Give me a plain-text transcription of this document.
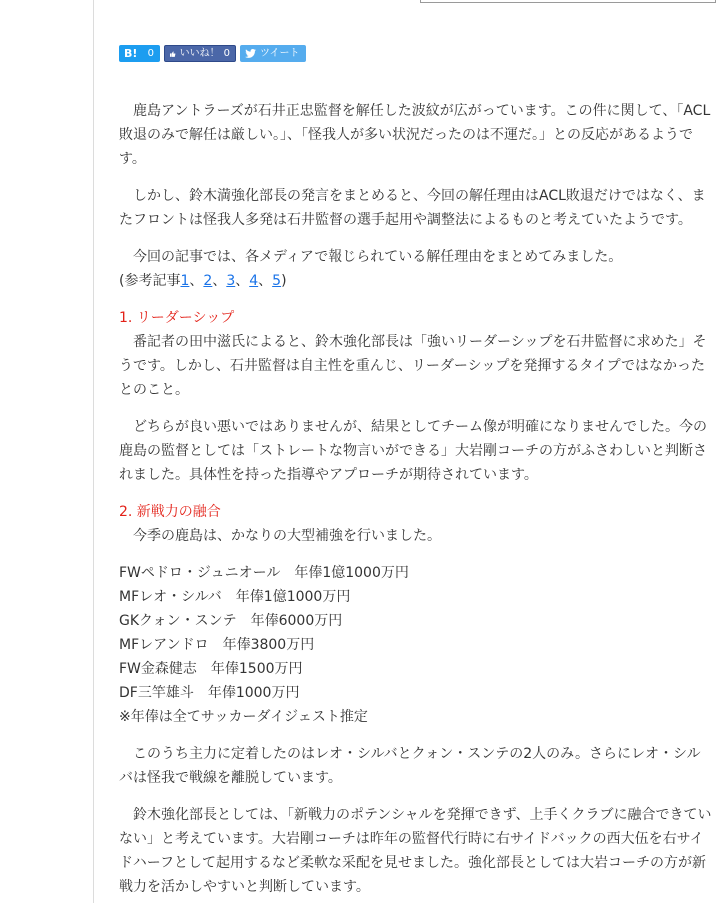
B! 0	いいね！ 0	ツイート

鹿島アントラーズが石井正忠監督を解任した波紋が広がっています。この件に関して、「ACL敗退のみで解任は厳しい。」、「怪我人が多い状況だったのは不運だ。」との反応があるようです。

しかし、鈴木満強化部長の発言をまとめると、今回の解任理由はACL敗退だけではなく、またフロントは怪我人多発は石井監督の選手起用や調整法によるものと考えていたようです。

今回の記事では、各メディアで報じられている解任理由をまとめてみました。

(参考記事1、2、3、4、5)

1. リーダーシップ

番記者の田中滋氏によると、鈴木強化部長は「強いリーダーシップを石井監督に求めた」そうです。しかし、石井監督は自主性を重んじ、リーダーシップを発揮するタイプではなかったとのこと。

どちらが良い悪いではありませんが、結果としてチーム像が明確になりませんでした。今の鹿島の監督としては「ストレートな物言いができる」大岩剛コーチの方がふさわしいと判断されました。具体性を持った指導やアプローチが期待されています。

2. 新戦力の融合

今季の鹿島は、かなりの大型補強を行いました。

FWペドロ・ジュニオール　年俸1億1000万円
MFレオ・シルバ　年俸1億1000万円
GKクォン・スンテ　年俸6000万円
MFレアンドロ　年俸3800万円
FW金森健志　年俸1500万円
DF三竿雄斗　年俸1000万円
※年俸は全てサッカーダイジェスト推定

このうち主力に定着したのはレオ・シルバとクォン・スンテの2人のみ。さらにレオ・シルバは怪我で戦線を離脱しています。

鈴木強化部長としては、「新戦力のポテンシャルを発揮できず、上手くクラブに融合できていない」と考えています。大岩剛コーチは昨年の監督代行時に右サイドバックの西大伍を右サイドハーフとして起用するなど柔軟な采配を見せました。強化部長としては大岩コーチの方が新戦力を活かしやすいと判断しています。
